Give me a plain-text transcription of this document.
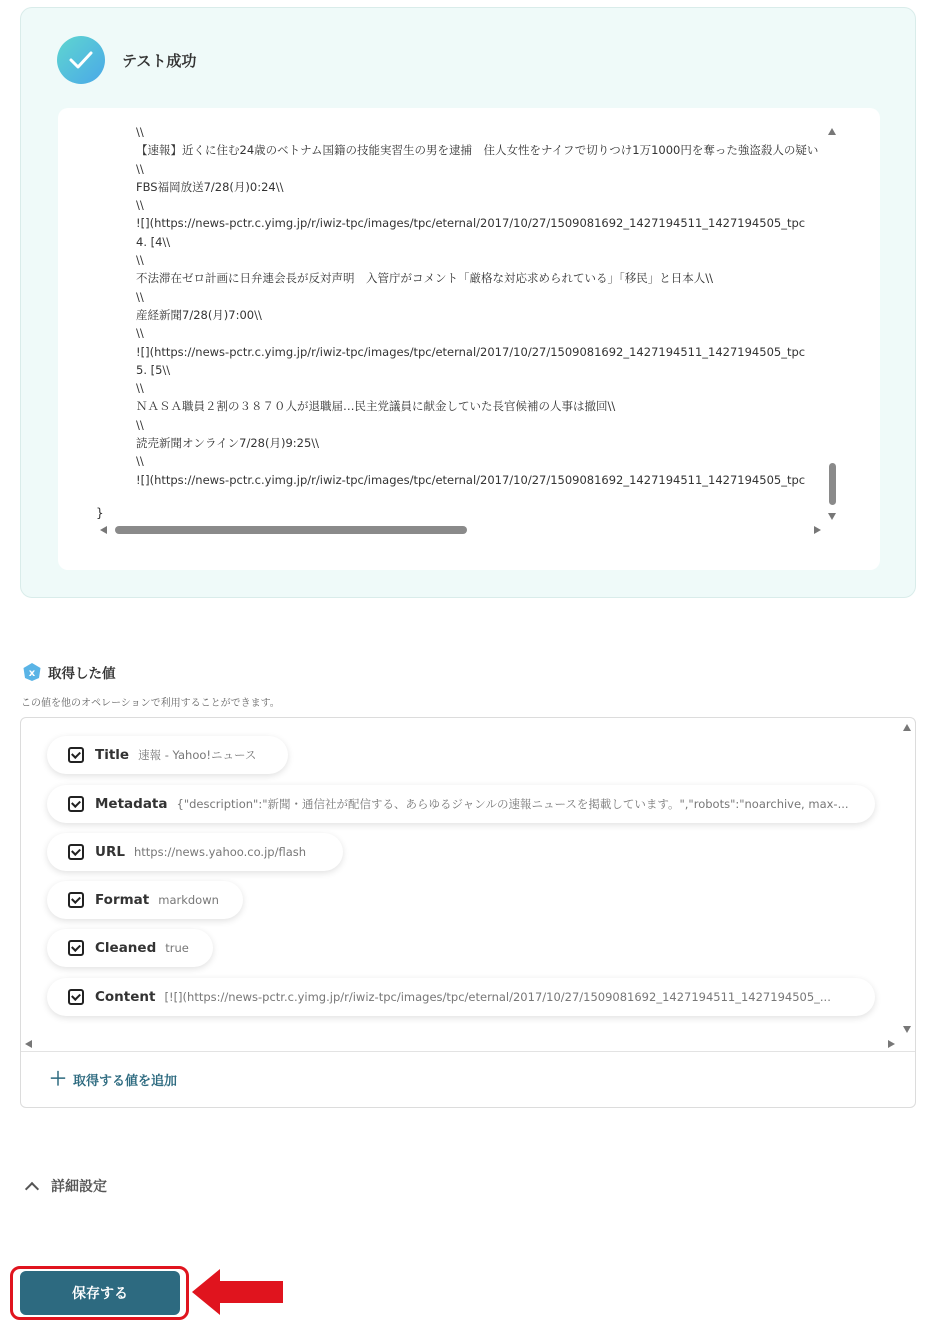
テスト成功
\\
【速報】近くに住む24歳のベトナム国籍の技能実習生の男を逮捕　住人女性をナイフで切りつけ1万1000円を奪った強盗殺人の疑い
\\
FBS福岡放送7/28(月)0:24\\
\\
![](https://news-pctr.c.yimg.jp/r/iwiz-tpc/images/tpc/eternal/2017/10/27/1509081692_1427194511_1427194505_tpc
4. [4\\
\\
不法滞在ゼロ計画に日弁連会長が反対声明　入管庁がコメント「厳格な対応求められている」「移民」と日本人\\
\\
産経新聞7/28(月)7:00\\
\\
![](https://news-pctr.c.yimg.jp/r/iwiz-tpc/images/tpc/eternal/2017/10/27/1509081692_1427194511_1427194505_tpc
5. [5\\
\\
ＮＡＳＡ職員２割の３８７０人が退職届…民主党議員に献金していた長官候補の人事は撤回\\
\\
読売新聞オンライン7/28(月)9:25\\
\\
![](https://news-pctr.c.yimg.jp/r/iwiz-tpc/images/tpc/eternal/2017/10/27/1509081692_1427194511_1427194505_tpc
}
x 取得した値
この値を他のオペレーションで利用することができます。
Title 速報 - Yahoo!ニュース
Metadata {"description":"新聞・通信社が配信する、あらゆるジャンルの速報ニュースを掲載しています。","robots":"noarchive, max-...
URL https://news.yahoo.co.jp/flash
Format markdown
Cleaned true
Content [![](https://news-pctr.c.yimg.jp/r/iwiz-tpc/images/tpc/eternal/2017/10/27/1509081692_1427194511_1427194505_...
＋ 取得する値を追加
詳細設定
保存する
